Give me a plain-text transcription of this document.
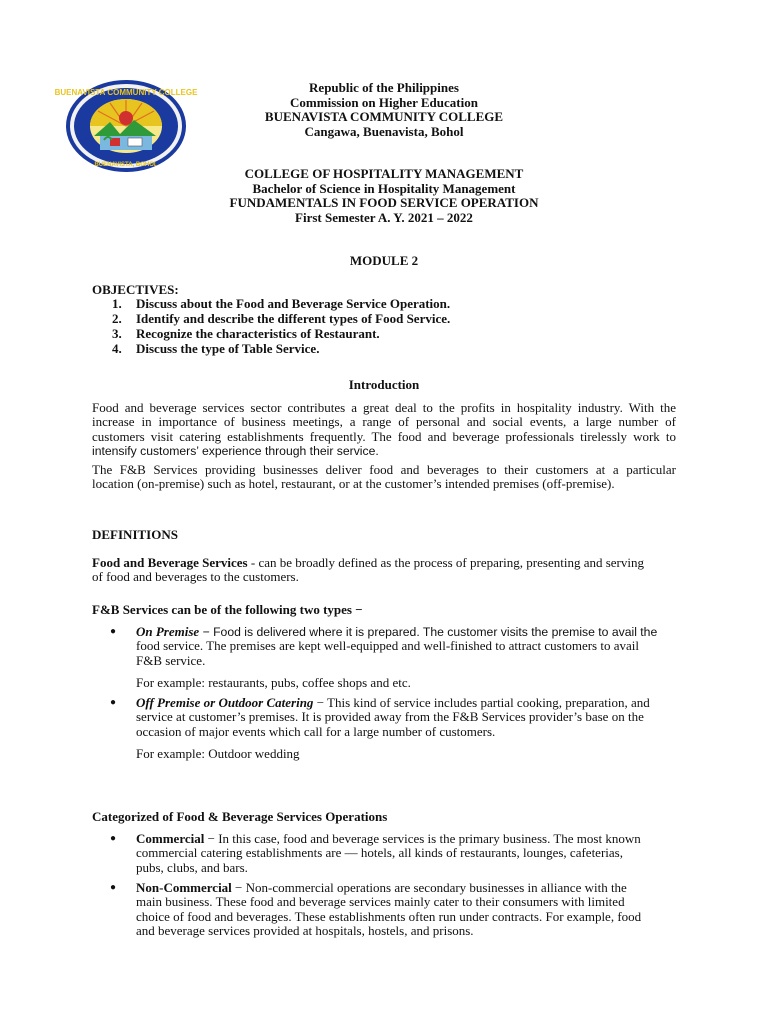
BUENAVISTA COMMUNITY COLLEGE
BUENAVISTA, BOHOL
Republic of the Philippines
Commission on Higher Education
BUENAVISTA COMMUNITY COLLEGE
Cangawa, Buenavista, Bohol
COLLEGE OF HOSPITALITY MANAGEMENT
Bachelor of Science in Hospitality Management
FUNDAMENTALS IN FOOD SERVICE OPERATION
First Semester A. Y. 2021 – 2022
MODULE 2
OBJECTIVES:
1.	Discuss about the Food and Beverage Service Operation.
2.	Identify and describe the different types of Food Service.
3.	Recognize the characteristics of Restaurant.
4.	Discuss the type of Table Service.
Introduction
Food and beverage services sector contributes a great deal to the profits in hospitality industry. With the
increase in importance of business meetings, a range of personal and social events, a large number of
customers visit catering establishments frequently. The food and beverage professionals tirelessly work to
intensify customers’ experience through their service.
The F&B Services providing businesses deliver food and beverages to their customers at a particular
location (on-premise) such as hotel, restaurant, or at the customer’s intended premises (off-premise).
DEFINITIONS
Food and Beverage Services - can be broadly defined as the process of preparing, presenting and serving
of food and beverages to the customers.
F&B Services can be of the following two types −
●	On Premise − Food is delivered where it is prepared. The customer visits the premise to avail the
food service. The premises are kept well-equipped and well-finished to attract customers to avail
F&B service.
For example: restaurants, pubs, coffee shops and etc.
●	Off Premise or Outdoor Catering − This kind of service includes partial cooking, preparation, and
service at customer’s premises. It is provided away from the F&B Services provider’s base on the
occasion of major events which call for a large number of customers.
For example: Outdoor wedding
Categorized of Food & Beverage Services Operations
●	Commercial − In this case, food and beverage services is the primary business. The most known
commercial catering establishments are — hotels, all kinds of restaurants, lounges, cafeterias,
pubs, clubs, and bars.
●	Non-Commercial − Non-commercial operations are secondary businesses in alliance with the
main business. These food and beverage services mainly cater to their consumers with limited
choice of food and beverages. These establishments often run under contracts. For example, food
and beverage services provided at hospitals, hostels, and prisons.
